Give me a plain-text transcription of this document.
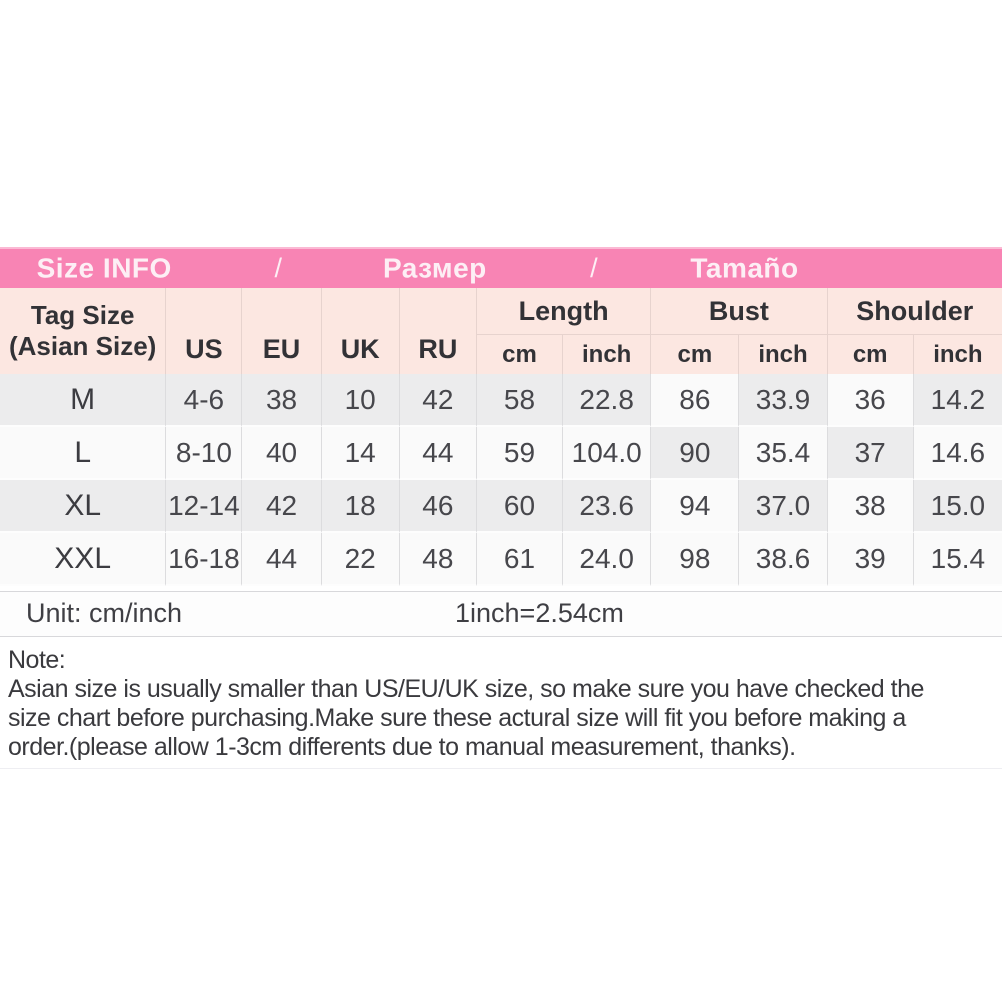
Size INFO	/	Размер	/	Tamaño
Tag Size
(Asian Size)	US	EU	UK	RU	Length		Bust		Shoulder	
					cm	inch	cm	inch	cm	inch
M	4-6	38	10	42	58	22.8	86	33.9	36	14.2
L	8-10	40	14	44	59	104.0	90	35.4	37	14.6
XL	12-14	42	18	46	60	23.6	94	37.0	38	15.0
XXL	16-18	44	22	48	61	24.0	98	38.6	39	15.4
Unit: cm/inch	1inch=2.54cm
Note:
Asian size is usually smaller than US/EU/UK size, so make sure you have checked the
size chart before purchasing.Make sure these actural size will fit you before making a
order.(please allow 1-3cm differents due to manual measurement, thanks).
